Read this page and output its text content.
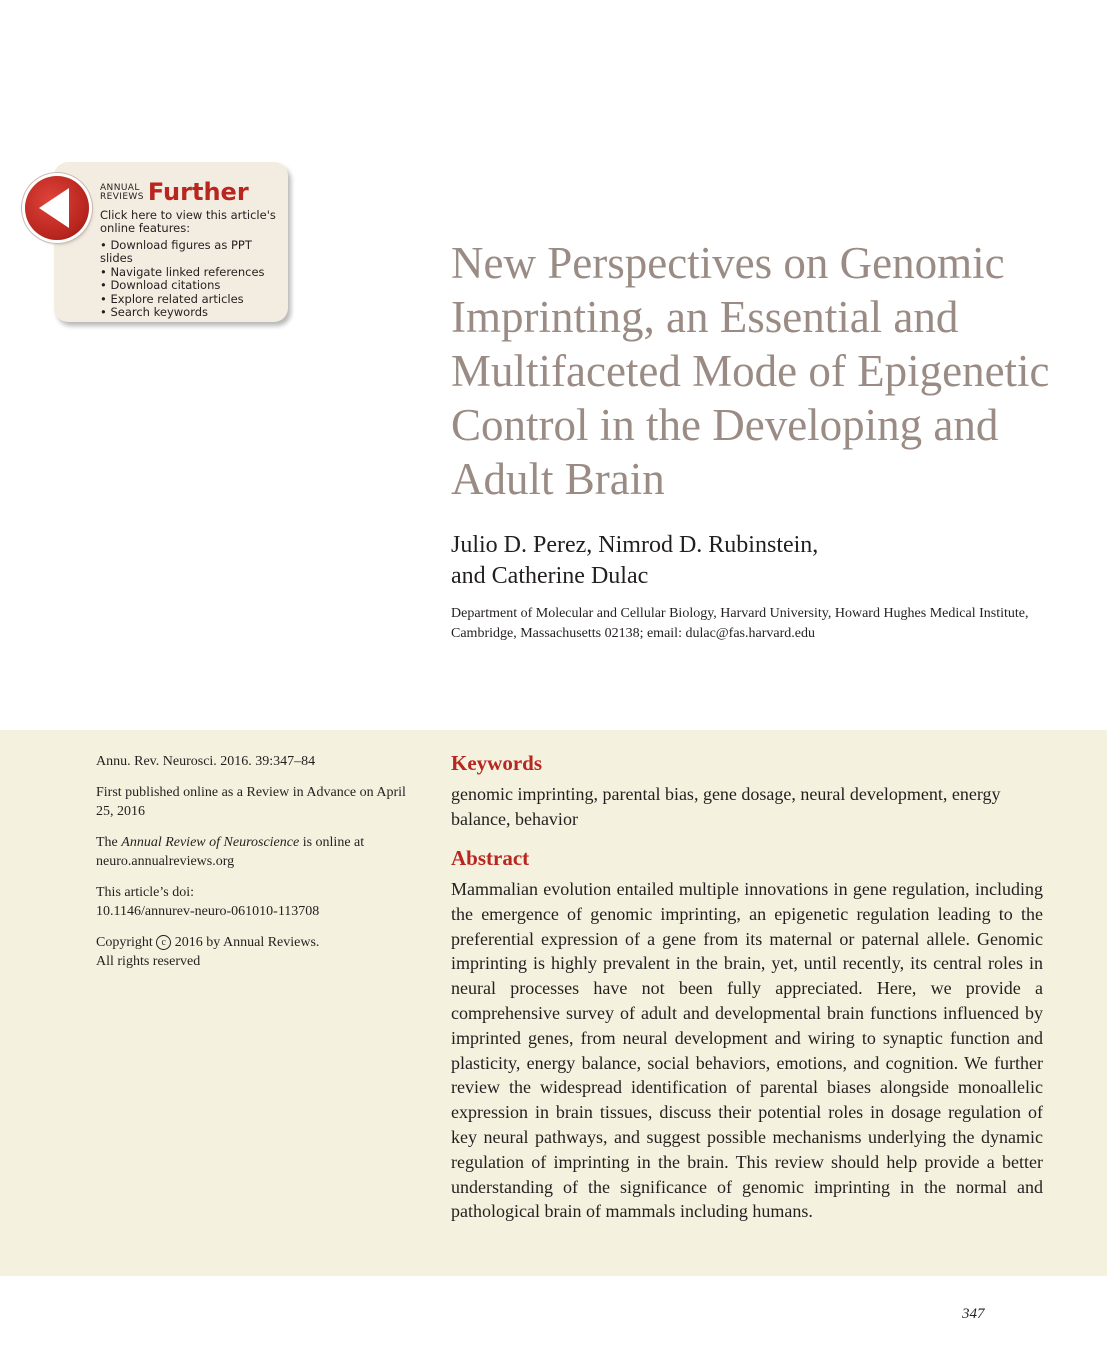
ANNUAL
REVIEWS Further
Click here to view this article's online features:
• Download figures as PPT slides
• Navigate linked references
• Download citations
• Explore related articles
• Search keywords
New Perspectives on Genomic Imprinting, an Essential and Multifaceted Mode of Epigenetic Control in the Developing and Adult Brain
Julio D. Perez, Nimrod D. Rubinstein,
and Catherine Dulac

Department of Molecular and Cellular Biology, Harvard University, Howard Hughes Medical Institute, Cambridge, Massachusetts 02138; email: dulac@fas.harvard.edu

Annu. Rev. Neurosci. 2016. 39:347–84

First published online as a Review in Advance on April 25, 2016

The Annual Review of Neuroscience is online at neuro.annualreviews.org

This article’s doi:
10.1146/annurev-neuro-061010-113708

Copyright c 2016 by Annual Reviews.
All rights reserved

Keywords

genomic imprinting, parental bias, gene dosage, neural development, energy balance, behavior

Abstract

Mammalian evolution entailed multiple innovations in gene regulation, including the emergence of genomic imprinting, an epigenetic regulation leading to the preferential expression of a gene from its maternal or paternal allele. Genomic imprinting is highly prevalent in the brain, yet, until recently, its central roles in neural processes have not been fully appreciated. Here, we provide a comprehensive survey of adult and developmental brain functions influenced by imprinted genes, from neural development and wiring to synaptic function and plasticity, energy balance, social behaviors, emotions, and cognition. We further review the widespread identification of parental biases alongside monoallelic expression in brain tissues, discuss their potential roles in dosage regulation of key neural pathways, and suggest possible mechanisms underlying the dynamic regulation of imprinting in the brain. This review should help provide a better understanding of the significance of genomic imprinting in the normal and pathological brain of mammals including humans.

347
